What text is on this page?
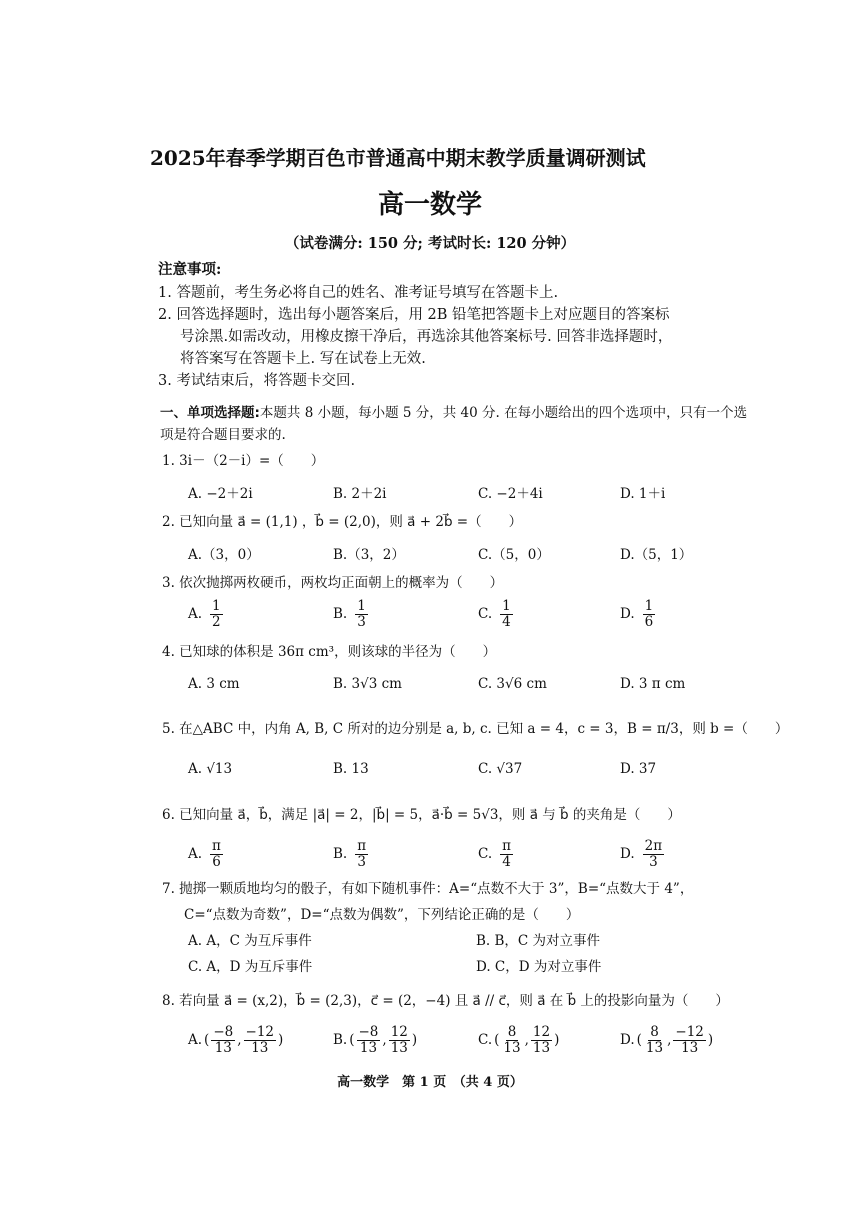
2025年春季学期百色市普通高中期末教学质量调研测试
高一数学
（试卷满分: 150 分; 考试时长: 120 分钟）
注意事项:
1. 答题前，考生务必将自己的姓名、准考证号填写在答题卡上.
2. 回答选择题时，选出每小题答案后，用 2B 铅笔把答题卡上对应题目的答案标
号涂黑.如需改动，用橡皮擦干净后，再选涂其他答案标号. 回答非选择题时，
将答案写在答题卡上. 写在试卷上无效.
3. 考试结束后，将答题卡交回.
一、单项选择题:本题共 8 小题，每小题 5 分，共 40 分. 在每小题给出的四个选项中，只有一个选项是符合题目要求的.
1. 3i－（2－i）=（　　）
A. −2＋2i	B. 2＋2i	C. −2＋4i	D. 1＋i
2. 已知向量 a⃗ = (1,1) ，b⃗ = (2,0)，则 a⃗ + 2b⃗ =（　　）
A.（3，0）	B.（3，2）	C.（5，0）	D.（5，1）
3. 依次抛掷两枚硬币，两枚均正面朝上的概率为（　　）
A. $\frac{1}{2}$	B. $\frac{1}{3}$	C. $\frac{1}{4}$	D. $\frac{1}{6}$
4. 已知球的体积是 36π cm³，则该球的半径为（　　）
A. 3 cm	B. 3√3 cm	C. 3√6 cm	D. 3 π cm
5. 在△ABC 中，内角 A, B, C 所对的边分别是 a, b, c. 已知 a = 4，c = 3，B = π/3，则 b =（　　）
A. √13	B. 13	C. √37	D. 37
6. 已知向量 a⃗，b⃗，满足 |a⃗| = 2，|b⃗| = 5，a⃗·b⃗ = 5√3，则 a⃗ 与 b⃗ 的夹角是（　　）
A. $\frac{\pi}{6}$	B. $\frac{\pi}{3}$	C. $\frac{\pi}{4}$	D. $\frac{2\pi}{3}$
7. 抛掷一颗质地均匀的骰子，有如下随机事件：A=“点数不大于 3”，B=“点数大于 4”，
C=“点数为奇数”，D=“点数为偶数”，下列结论正确的是（　　）
A. A，C 为互斥事件	B. B，C 为对立事件
C. A，D 为互斥事件	D. C，D 为对立事件
8. 若向量 a⃗ = (x,2)，b⃗ = (2,3)，c⃗ = (2，−4) 且 a⃗ // c⃗，则 a⃗ 在 b⃗ 上的投影向量为（　　）
A. ( $\frac{-8}{13}$ , $\frac{-12}{13}$ )	B. ( $\frac{-8}{13}$ , $\frac{12}{13}$ )	C. ( $\frac{8}{13}$ , $\frac{12}{13}$ )	D. ( $\frac{8}{13}$ , $\frac{-12}{13}$ )
高一数学　第 1 页　（共 4 页）
